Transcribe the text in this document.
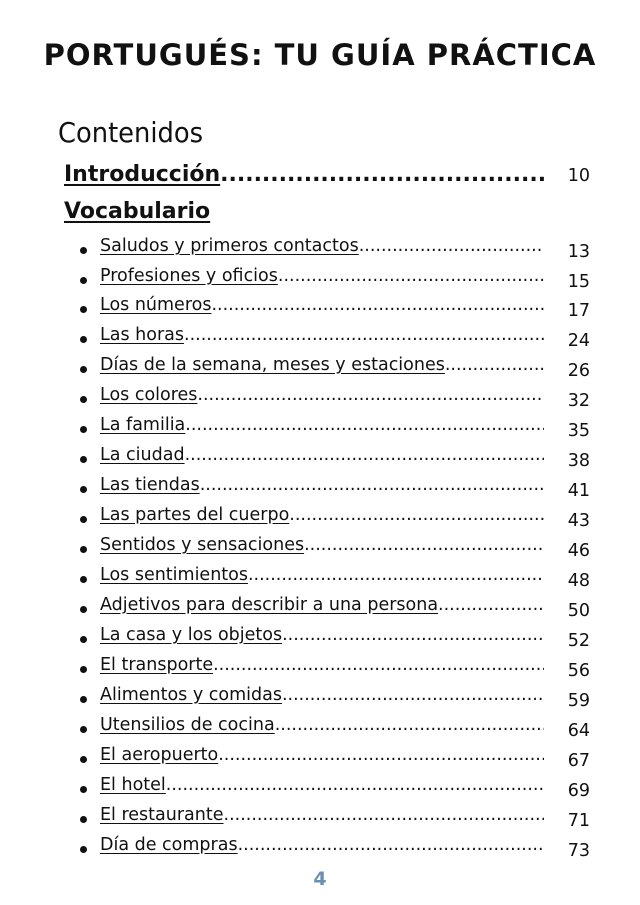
PORTUGUÉS: TU GUÍA PRÁCTICA
Contenidos
Introducción .....	10
Vocabulario
Saludos y primeros contactos .....	13
Profesiones y oficios .....	15
Los números .....	17
Las horas .....	24
Días de la semana, meses y estaciones .....	26
Los colores .....	32
La familia .....	35
La ciudad .....	38
Las tiendas .....	41
Las partes del cuerpo .....	43
Sentidos y sensaciones .....	46
Los sentimientos .....	48
Adjetivos para describir a una persona .....	50
La casa y los objetos .....	52
El transporte .....	56
Alimentos y comidas .....	59
Utensilios de cocina .....	64
El aeropuerto .....	67
El hotel .....	69
El restaurante .....	71
Día de compras .....	73
4
